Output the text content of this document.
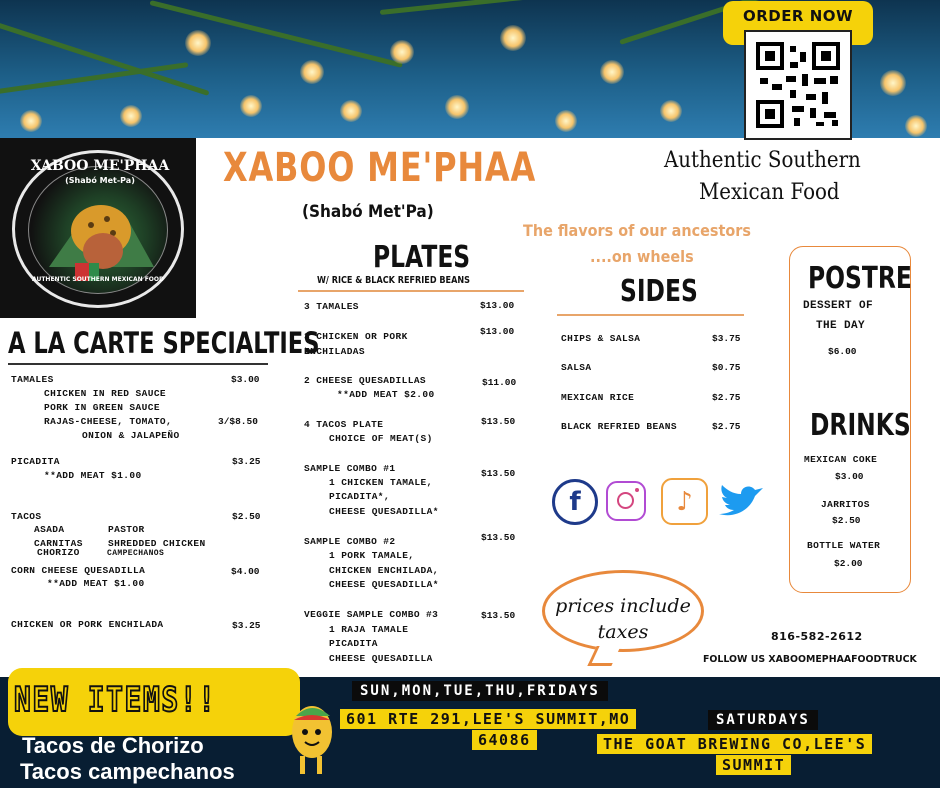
ORDER NOW
XABOO ME'PHAA
(Shabó Met-Pa)
AUTHENTIC SOUTHERN MEXICAN FOOD
XABOO ME'PHAA
(Shabó Met'Pa)
Authentic Southern
Mexican Food
The flavors of our ancestors
....on wheels
A LA CARTE SPECIALTIES
TAMALES	$3.00
CHICKEN IN RED SAUCE
PORK IN GREEN SAUCE
RAJAS-CHEESE, TOMATO,	3/$8.50
ONION & JALAPEÑO
PICADITA	$3.25
**ADD MEAT $1.00
TACOS	$2.50
ASADA	PASTOR
CARNITAS	SHREDDED CHICKEN
CHORIZO	CAMPECHANOS
CORN CHEESE QUESADILLA	$4.00
**ADD MEAT $1.00
CHICKEN OR PORK ENCHILADA	$3.25
PLATES
W/ RICE & BLACK REFRIED BEANS
3 TAMALES	$13.00
3 CHICKEN OR PORK
ENCHILADAS
$13.00
2 CHEESE QUESADILLAS
**ADD MEAT $2.00
$11.00
4 TACOS PLATE
CHOICE OF MEAT(S)
$13.50
SAMPLE COMBO #1
1 CHICKEN TAMALE,
PICADITA*,
CHEESE QUESADILLA*
$13.50
SAMPLE COMBO #2
1 PORK TAMALE,
CHICKEN ENCHILADA,
CHEESE QUESADILLA*
$13.50
VEGGIE SAMPLE COMBO #3
1 RAJA TAMALE
PICADITA
CHEESE QUESADILLA
$13.50
SIDES
CHIPS & SALSA	$3.75
SALSA	$0.75
MEXICAN RICE	$2.75
BLACK REFRIED BEANS	$2.75
f	♪
prices include
taxes
POSTRE
DESSERT OF
THE DAY
$6.00
DRINKS
MEXICAN COKE
$3.00
JARRITOS
$2.50
BOTTLE WATER
$2.00
816-582-2612
FOLLOW US XABOOMEPHAAFOODTRUCK
NEW ITEMS!!
Tacos de Chorizo
Tacos campechanos
SUN,MON,TUE,THU,FRIDAYS
601 RTE 291,LEE'S SUMMIT,MO
64086
SATURDAYS
THE GOAT BREWING CO,LEE'S
SUMMIT
